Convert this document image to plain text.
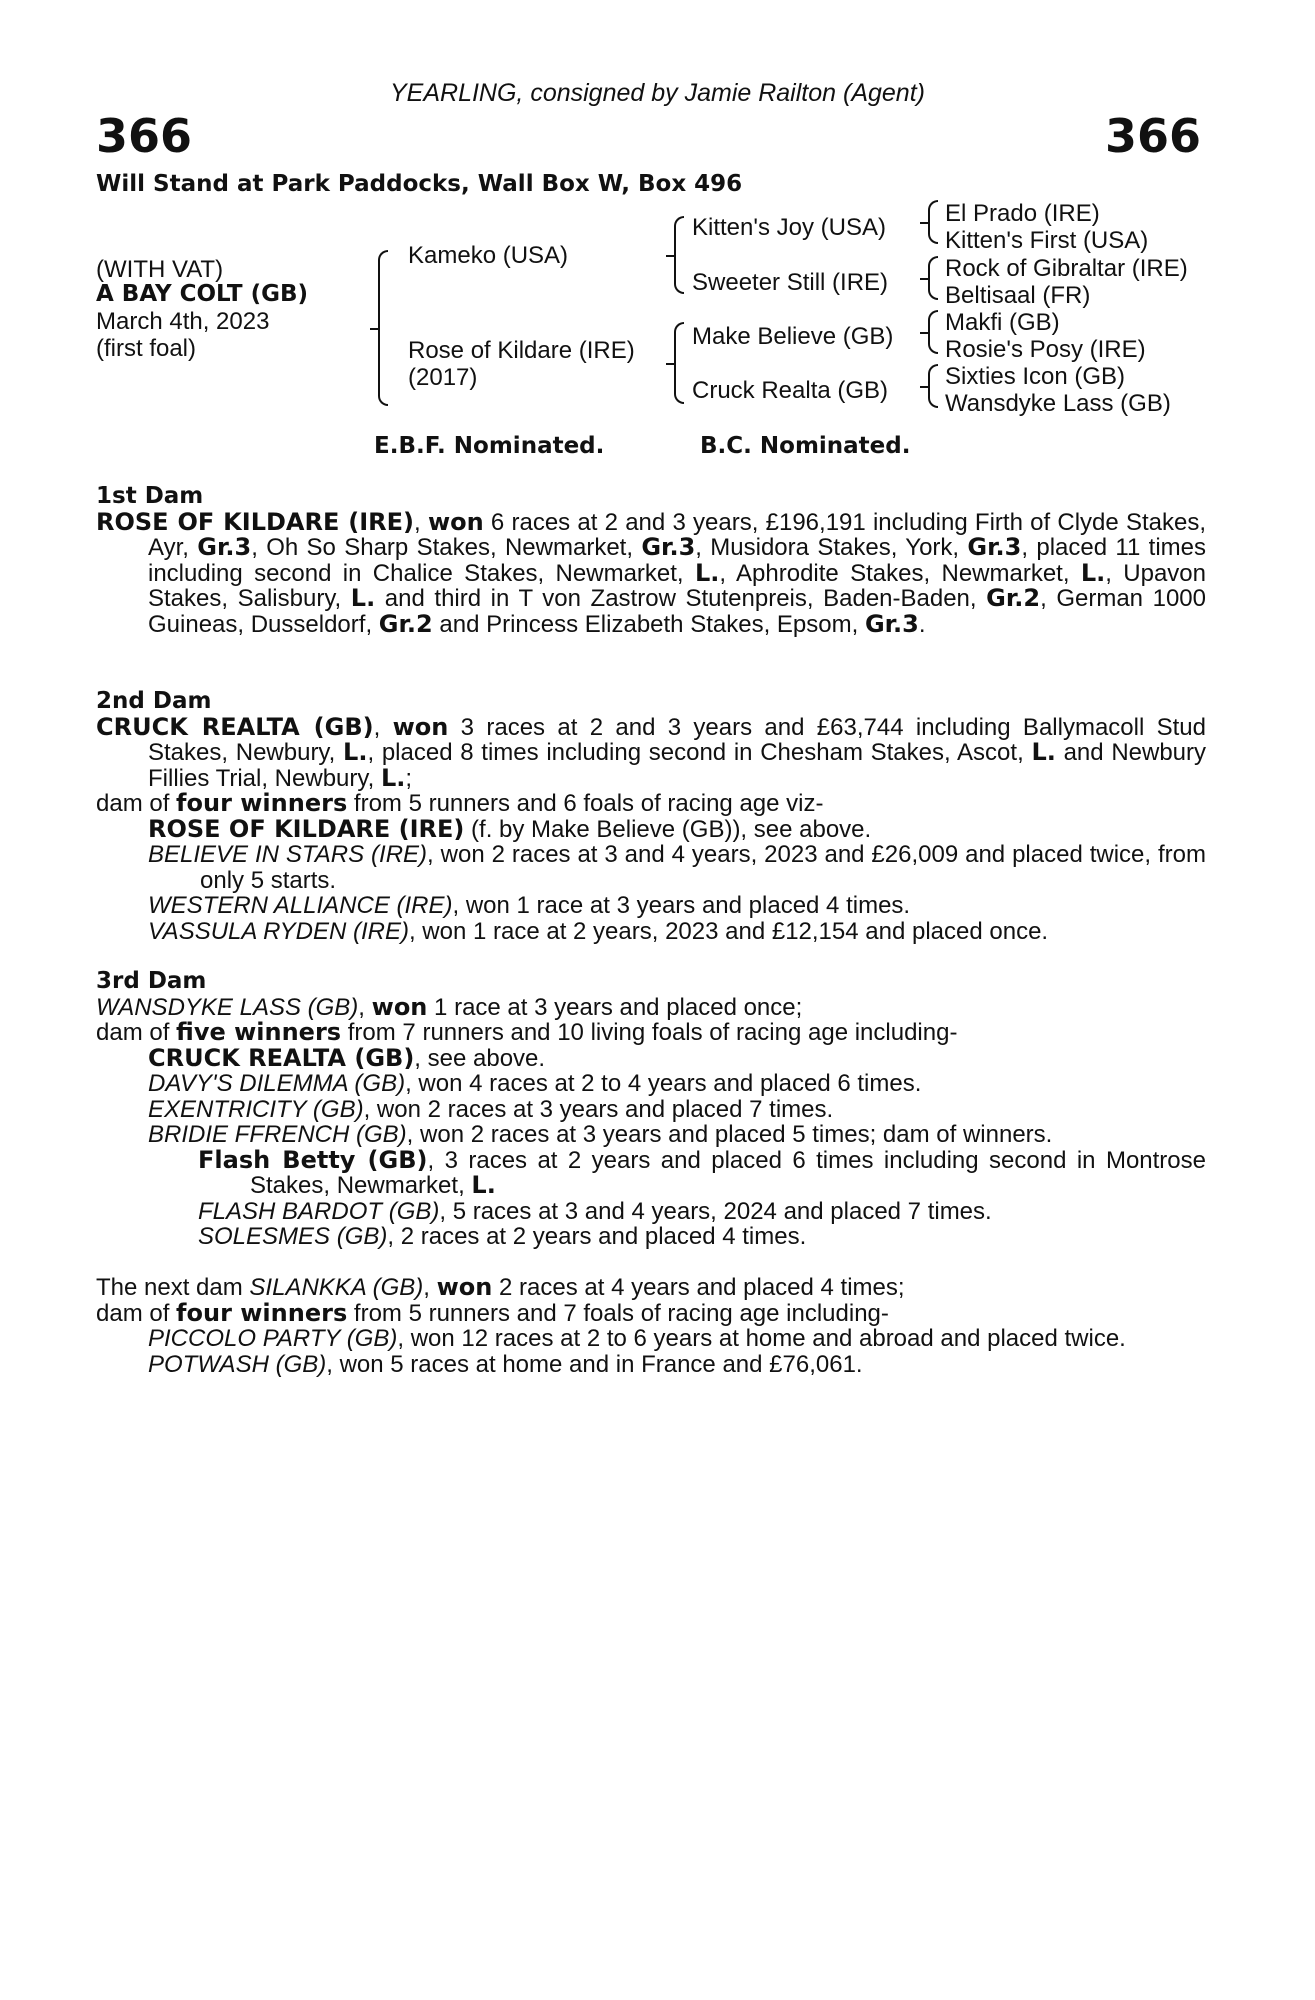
YEARLING, consigned by Jamie Railton (Agent)
366	366
Will Stand at Park Paddocks, Wall Box W, Box 496
(WITH VAT)
A BAY COLT (GB)
March 4th, 2023
(first foal)
Kameko (USA)
Rose of Kildare (IRE)
(2017)
Kitten's Joy (USA)
Sweeter Still (IRE)
Make Believe (GB)
Cruck Realta (GB)
El Prado (IRE)
Kitten's First (USA)
Rock of Gibraltar (IRE)
Beltisaal (FR)
Makfi (GB)
Rosie's Posy (IRE)
Sixties Icon (GB)
Wansdyke Lass (GB)
E.B.F. Nominated.	B.C. Nominated.

1st Dam

ROSE OF KILDARE (IRE), won 6 races at 2 and 3 years, £196,191 including Firth of Clyde Stakes, Ayr, Gr.3, Oh So Sharp Stakes, Newmarket, Gr.3, Musidora Stakes, York, Gr.3, placed 11 times including second in Chalice Stakes, Newmarket, L., Aphrodite Stakes, Newmarket, L., Upavon Stakes, Salisbury, L. and third in T von Zastrow Stutenpreis, Baden-Baden, Gr.2, German 1000 Guineas, Dusseldorf, Gr.2 and Princess Elizabeth Stakes, Epsom, Gr.3.

2nd Dam

CRUCK REALTA (GB), won 3 races at 2 and 3 years and £63,744 including Ballymacoll Stud Stakes, Newbury, L., placed 8 times including second in Chesham Stakes, Ascot, L. and Newbury Fillies Trial, Newbury, L.;

dam of four winners from 5 runners and 6 foals of racing age viz-

ROSE OF KILDARE (IRE) (f. by Make Believe (GB)), see above.

BELIEVE IN STARS (IRE), won 2 races at 3 and 4 years, 2023 and £26,009 and placed twice, from only 5 starts.

WESTERN ALLIANCE (IRE), won 1 race at 3 years and placed 4 times.

VASSULA RYDEN (IRE), won 1 race at 2 years, 2023 and £12,154 and placed once.

3rd Dam

WANSDYKE LASS (GB), won 1 race at 3 years and placed once;

dam of five winners from 7 runners and 10 living foals of racing age including-

CRUCK REALTA (GB), see above.

DAVY'S DILEMMA (GB), won 4 races at 2 to 4 years and placed 6 times.

EXENTRICITY (GB), won 2 races at 3 years and placed 7 times.

BRIDIE FFRENCH (GB), won 2 races at 3 years and placed 5 times; dam of winners.

Flash Betty (GB), 3 races at 2 years and placed 6 times including second in Montrose Stakes, Newmarket, L.

FLASH BARDOT (GB), 5 races at 3 and 4 years, 2024 and placed 7 times.

SOLESMES (GB), 2 races at 2 years and placed 4 times.

The next dam SILANKKA (GB), won 2 races at 4 years and placed 4 times;

dam of four winners from 5 runners and 7 foals of racing age including-

PICCOLO PARTY (GB), won 12 races at 2 to 6 years at home and abroad and placed twice.

POTWASH (GB), won 5 races at home and in France and £76,061.
